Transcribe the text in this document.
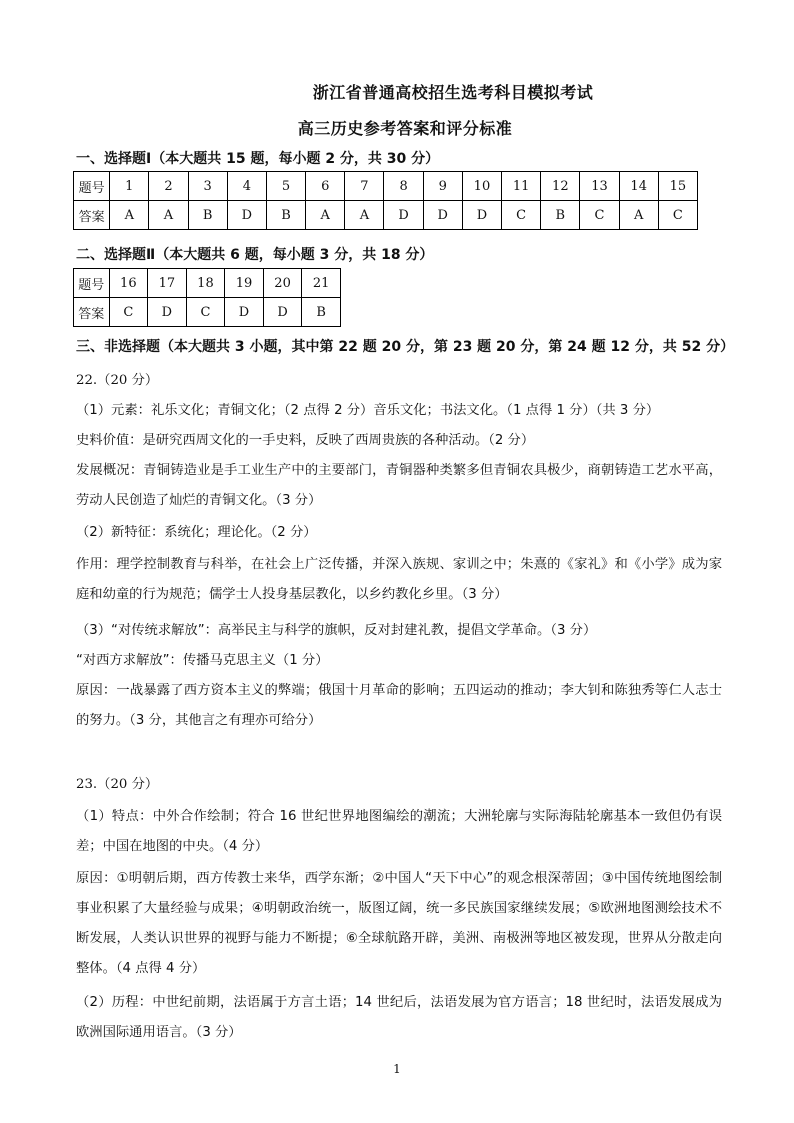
浙江省普通高校招生选考科目模拟考试
高三历史参考答案和评分标准
一、选择题Ⅰ（本大题共 15 题，每小题 2 分，共 30 分）
题号	1	2	3	4	5	6	7	8	9	10	11	12	13	14	15
答案	A	A	B	D	B	A	A	D	D	D	C	B	C	A	C
二、选择题Ⅱ（本大题共 6 题，每小题 3 分，共 18 分）
题号	16	17	18	19	20	21
答案	C	D	C	D	D	B
三、非选择题（本大题共 3 小题，其中第 22 题 20 分，第 23 题 20 分，第 24 题 12 分，共 52 分）
22.（20 分）
（1）元素：礼乐文化；青铜文化；（2 点得 2 分）音乐文化；书法文化。（1 点得 1 分）（共 3 分）
史料价值：是研究西周文化的一手史料，反映了西周贵族的各种活动。（2 分）
发展概况：青铜铸造业是手工业生产中的主要部门，青铜器种类繁多但青铜农具极少，商朝铸造工艺水平高，劳动人民创造了灿烂的青铜文化。（3 分）
（2）新特征：系统化；理论化。（2 分）
作用：理学控制教育与科举，在社会上广泛传播，并深入族规、家训之中；朱熹的《家礼》和《小学》成为家庭和幼童的行为规范；儒学士人投身基层教化，以乡约教化乡里。（3 分）
（3）“对传统求解放”：高举民主与科学的旗帜，反对封建礼教，提倡文学革命。（3 分）
“对西方求解放”：传播马克思主义（1 分）
原因：一战暴露了西方资本主义的弊端；俄国十月革命的影响；五四运动的推动；李大钊和陈独秀等仁人志士的努力。（3 分，其他言之有理亦可给分）
23.（20 分）
（1）特点：中外合作绘制；符合 16 世纪世界地图编绘的潮流；大洲轮廓与实际海陆轮廓基本一致但仍有误差；中国在地图的中央。（4 分）
原因：①明朝后期，西方传教士来华，西学东渐；②中国人“天下中心”的观念根深蒂固；③中国传统地图绘制事业积累了大量经验与成果；④明朝政治统一，版图辽阔，统一多民族国家继续发展；⑤欧洲地图测绘技术不断发展，人类认识世界的视野与能力不断提；⑥全球航路开辟，美洲、南极洲等地区被发现，世界从分散走向整体。（4 点得 4 分）
（2）历程：中世纪前期，法语属于方言土语；14 世纪后，法语发展为官方语言；18 世纪时，法语发展成为欧洲国际通用语言。（3 分）
1
